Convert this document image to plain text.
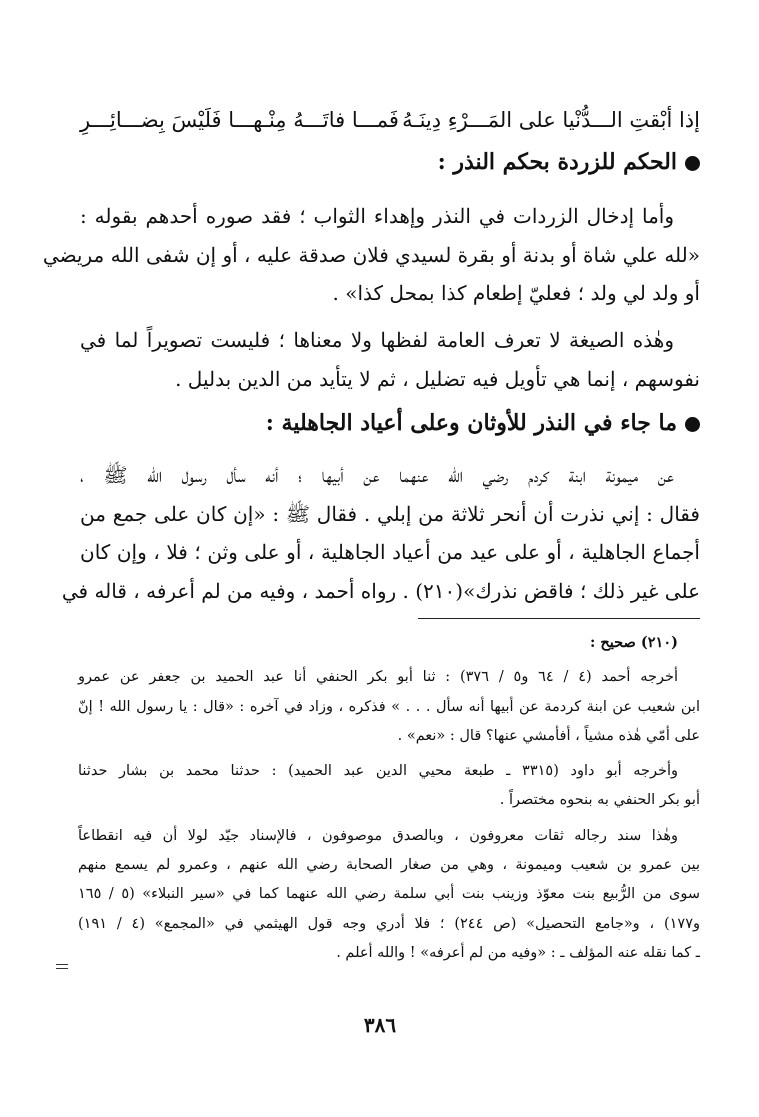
إذا أبْقتِ الـــدُّنْيا على المَـــرْءِ دِينَـهُ
فَمـــا فاتَـــهُ مِنْـهـــا فَلَيْسَ بِضـــائِـــرِ
الحكم للزردة بحكم النذر :
وأما إدخال الزردات في النذر وإهداء الثواب ؛ فقد صوره أحدهم بقوله :
«لله علي شاة أو بدنة أو بقرة لسيدي فلان صدقة عليه ، أو إن شفى الله مريضي
أو ولد لي ولد ؛ فعليّ إطعام كذا بمحل كذا» .
وهٰذه الصيغة لا تعرف العامة لفظها ولا معناها ؛ فليست تصويراً لما في
نفوسهم ، إنما هي تأويل فيه تضليل ، ثم لا يتأيد من الدين بدليل .
ما جاء في النذر للأوثان وعلى أعياد الجاهلية :
عن ميمونة ابنة كردم رضي الله عنهما عن أبيها ؛ أنه سأل رسول الله ﷺ ،
فقال : إني نذرت أن أنحر ثلاثة من إبلي . فقال ﷺ : «إن كان على جمع من
أجماع الجاهلية ، أو على عيد من أعياد الجاهلية ، أو على وثن ؛ فلا ، وإن كان
على غير ذلك ؛ فاقض نذرك»(٢١٠) . رواه أحمد ، وفيه من لم أعرفه ، قاله في
(٢١٠) صحيح :
أخرجه أحمد (٤ / ٦٤ و٥ / ٣٧٦) : ثنا أبو بكر الحنفي أنا عبد الحميد بن جعفر عن عمرو
ابن شعيب عن ابنة كردمة عن أبيها أنه سأل . . . » فذكره ، وزاد في آخره : «قال : يا رسول الله ! إنّ
على أمّي هٰذه مشياً ، أفأمشي عنها؟ قال : «نعم» .
وأخرجه أبو داود (٣٣١٥ ـ طبعة محيي الدين عبد الحميد) : حدثنا محمد بن بشار حدثنا
أبو بكر الحنفي به بنحوه مختصراً .
وهٰذا سند رجاله ثقات معروفون ، وبالصدق موصوفون ، فالإسناد جيّد لولا أن فيه انقطاعاً
بين عمرو بن شعيب وميمونة ، وهي من صغار الصحابة رضي الله عنهم ، وعمرو لم يسمع منهم
سوى من الرُّبيع بنت معوّذ وزينب بنت أبي سلمة رضي الله عنهما كما في «سير النبلاء» (٥ / ١٦٥
و١٧٧) ، و«جامع التحصيل» (ص ٢٤٤) ؛ فلا أدري وجه قول الهيثمي في «المجمع» (٤ / ١٩١)
ـ كما نقله عنه المؤلف ـ : «وفيه من لم أعرفه» ! والله أعلم .
٣٨٦
